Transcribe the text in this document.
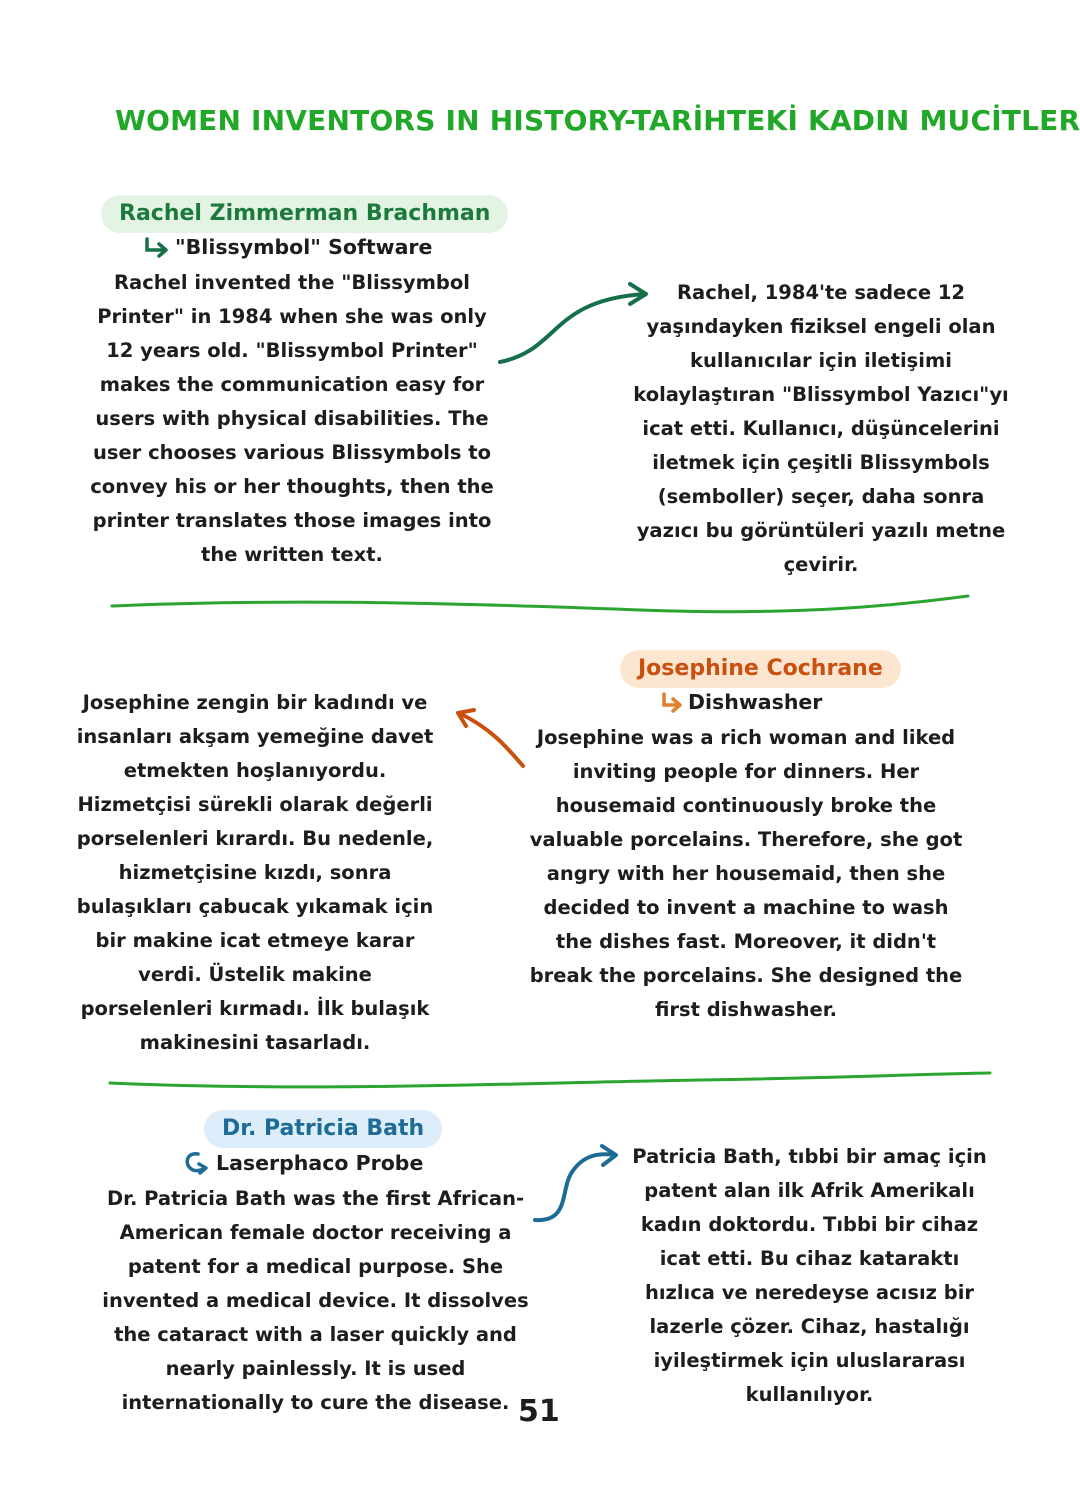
WOMEN INVENTORS IN HISTORY-TARİHTEKİ KADIN MUCİTLER
Rachel Zimmerman Brachman
"Blissymbol" Software
Rachel invented the "Blissymbol Printer" in 1984 when she was only 12 years old. "Blissymbol Printer" makes the communication easy for users with physical disabilities. The user chooses various Blissymbols to convey his or her thoughts, then the printer translates those images into the written text.
Rachel, 1984'te sadece 12 yaşındayken fiziksel engeli olan kullanıcılar için iletişimi kolaylaştıran "Blissymbol Yazıcı"yı icat etti. Kullanıcı, düşüncelerini iletmek için çeşitli Blissymbols (semboller) seçer, daha sonra yazıcı bu görüntüleri yazılı metne çevirir.
Josephine Cochrane
Dishwasher
Josephine was a rich woman and liked inviting people for dinners. Her housemaid continuously broke the valuable porcelains. Therefore, she got angry with her housemaid, then she decided to invent a machine to wash the dishes fast. Moreover, it didn't break the porcelains. She designed the first dishwasher.
Josephine zengin bir kadındı ve insanları akşam yemeğine davet etmekten hoşlanıyordu. Hizmetçisi sürekli olarak değerli porselenleri kırardı. Bu nedenle, hizmetçisine kızdı, sonra bulaşıkları çabucak yıkamak için bir makine icat etmeye karar verdi. Üstelik makine porselenleri kırmadı. İlk bulaşık makinesini tasarladı.
Dr. Patricia Bath
Laserphaco Probe
Dr. Patricia Bath was the first African-American female doctor receiving a patent for a medical purpose. She invented a medical device. It dissolves the cataract with a laser quickly and nearly painlessly. It is used internationally to cure the disease.
Patricia Bath, tıbbi bir amaç için patent alan ilk Afrik Amerikalı kadın doktordu. Tıbbi bir cihaz icat etti. Bu cihaz kataraktı hızlıca ve neredeyse acısız bir lazerle çözer. Cihaz, hastalığı iyileştirmek için uluslararası kullanılıyor.
51
